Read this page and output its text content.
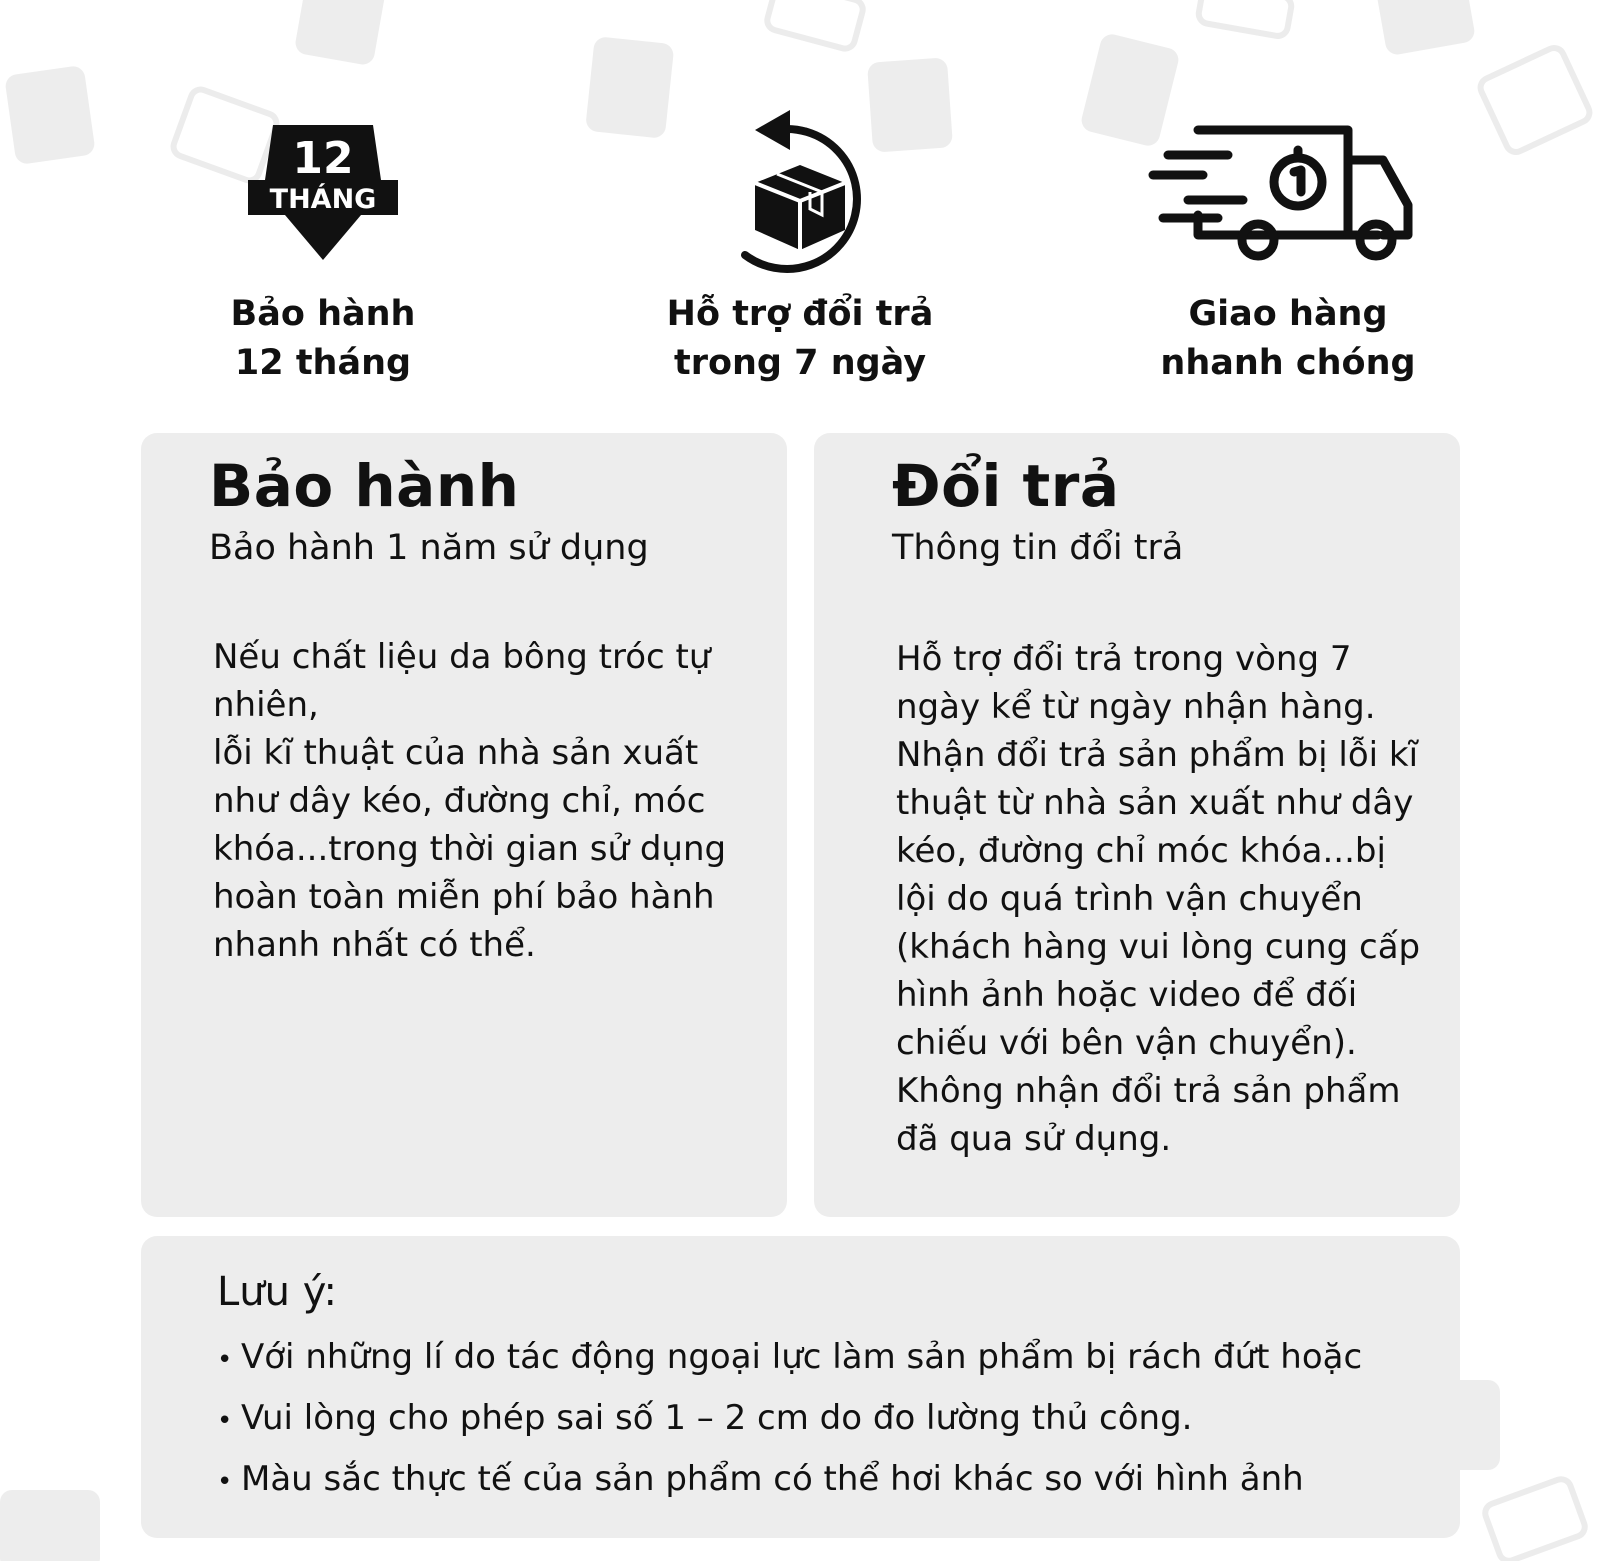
12
THÁNG
Bảo hành
12 tháng
Hỗ trợ đổi trả
trong 7 ngày
Giao hàng
nhanh chóng
Bảo hành
Bảo hành 1 năm sử dụng

Nếu chất liệu da bông tróc tự

nhiên,

lỗi kĩ thuật của nhà sản xuất

như dây kéo, đường chỉ, móc

khóa...trong thời gian sử dụng

hoàn toàn miễn phí bảo hành

nhanh nhất có thể.

Đổi trả
Thông tin đổi trả

Hỗ trợ đổi trả trong vòng 7

ngày kể từ ngày nhận hàng.

Nhận đổi trả sản phẩm bị lỗi kĩ

thuật từ nhà sản xuất như dây

kéo, đường chỉ móc khóa...bị

lội do quá trình vận chuyển

(khách hàng vui lòng cung cấp

hình ảnh hoặc video để đối

chiếu với bên vận chuyển).

Không nhận đổi trả sản phẩm

đã qua sử dụng.

Lưu ý:
• Với những lí do tác động ngoại lực làm sản phẩm bị rách đứt hoặc
• Vui lòng cho phép sai số 1 – 2 cm do đo lường thủ công.
• Màu sắc thực tế của sản phẩm có thể hơi khác so với hình ảnh
